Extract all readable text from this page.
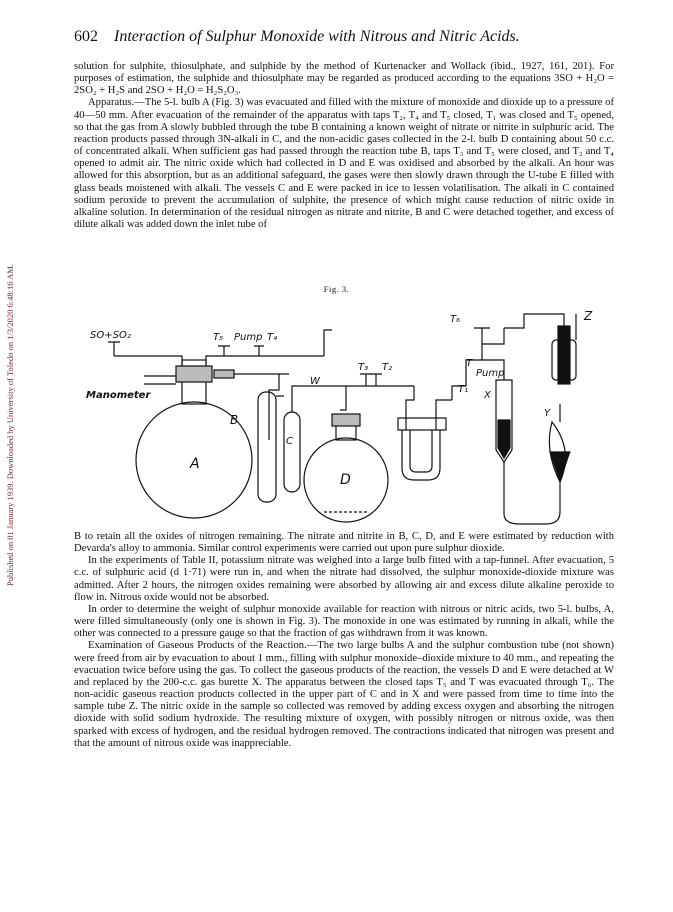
Published on 01 January 1939. Downloaded by University of Toledo on 1/3/2020 6:48:16 AM.
602 Interaction of Sulphur Monoxide with Nitrous and Nitric Acids.

solution for sulphite, thiosulphate, and sulphide by the method of Kurtenacker and Wollack (ibid., 1927, 161, 201). For purposes of estimation, the sulphide and thiosulphate may be regarded as produced according to the equations 3SO + H₂O = 2SO₂ + H₂S and 2SO + H₂O = H₂S₂O₃.

Apparatus.—The 5-l. bulb A (Fig. 3) was evacuated and filled with the mixture of monoxide and dioxide up to a pressure of 40—50 mm. After evacuation of the remainder of the apparatus with taps T₂, T₄ and T₅ closed, T₁ was closed and T₅ opened, so that the gas from A slowly bubbled through the tube B containing a known weight of nitrate or nitrite in sulphuric acid. The reaction products passed through 3N-alkali in C, and the non-acidic gases collected in the 2-l. bulb D containing about 50 c.c. of concentrated alkali. When sufficient gas had passed through the reaction tube B, taps T₃ and T₅ were closed, and T₂ and T₄ opened to admit air. The nitric oxide which had collected in D and E was oxidised and absorbed by the alkali. An hour was allowed for this absorption, but as an additional safeguard, the gases were then slowly drawn through the U-tube E filled with glass beads moistened with alkali. The vessels C and E were packed in ice to lessen volatilisation. The alkali in C contained sodium peroxide to prevent the accumulation of sulphite, the presence of which might cause reduction of nitric oxide in alkaline solution. In determination of the residual nitrogen as nitrate and nitrite, B and C were detached together, and excess of dilute alkali was added down the inlet tube of

Fig. 3.
SO+SO₂
Manometer
T₅ Pump T₄
B
C
W
T₃ T₂
A
D
E
T₁
T
Pump
T₆
X
Y
Z

B to retain all the oxides of nitrogen remaining. The nitrate and nitrite in B, C, D, and E were estimated by reduction with Devarda's alloy to ammonia. Similar control experiments were carried out upon pure sulphur dioxide.

In the experiments of Table II, potassium nitrate was weighed into a large bulb fitted with a tap-funnel. After evacuation, 5 c.c. of sulphuric acid (d 1·71) were run in, and when the nitrate had dissolved, the sulphur monoxide-dioxide mixture was admitted. After 2 hours, the nitrogen oxides remaining were absorbed by allowing air and excess dilute alkaline peroxide to flow in. Nitrous oxide would not be absorbed.

In order to determine the weight of sulphur monoxide available for reaction with nitrous or nitric acids, two 5-l. bulbs, A, were filled simultaneously (only one is shown in Fig. 3). The monoxide in one was estimated by running in alkali, while the other was connected to a pressure gauge so that the fraction of gas withdrawn from it was known.

Examination of Gaseous Products of the Reaction.—The two large bulbs A and the sulphur combustion tube (not shown) were freed from air by evacuation to about 1 mm., filling with sulphur monoxide–dioxide mixture to 40 mm., and repeating the evacuation twice before using the gas. To collect the gaseous products of the reaction, the vessels D and E were detached at W and replaced by the 200-c.c. gas burette X. The apparatus between the closed taps T₅ and T was evacuated through T₆. The non-acidic gaseous reaction products collected in the upper part of C and in X and were passed from time to time into the sample tube Z. The nitric oxide in the sample so collected was removed by adding excess oxygen and absorbing the nitrogen dioxide with solid sodium hydroxide. The resulting mixture of oxygen, with possibly nitrogen or nitrous oxide, was then sparked with excess of hydrogen, and the residual hydrogen removed. The contractions indicated that nitrogen was present and that the amount of nitrous oxide was inappreciable.
